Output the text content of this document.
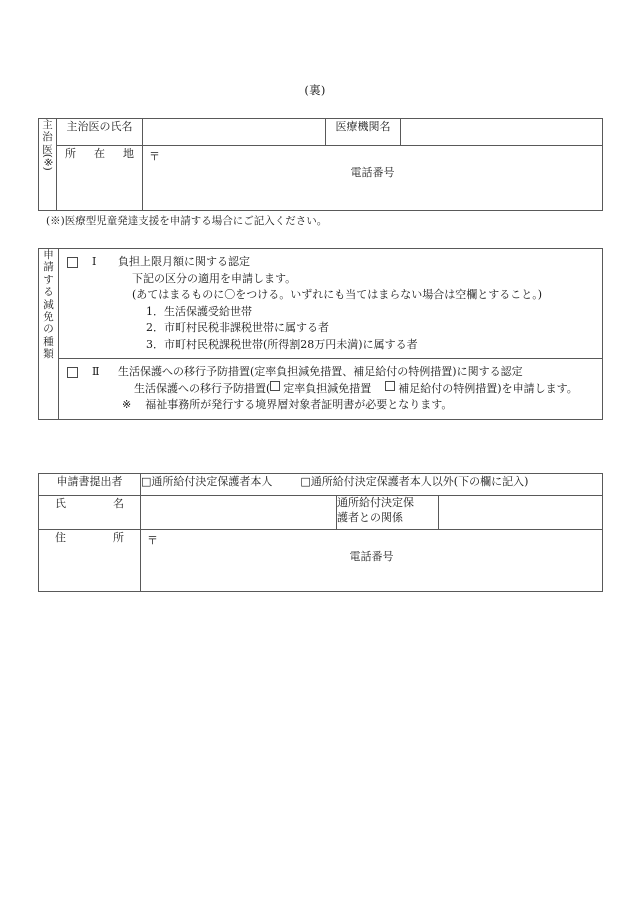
(裏)
主
治
医
(※)	主治医の氏名		医療機関名	

	所　在　地	〒
電話番号		
(※)医療型児童発達支援を申請する場合にご記入ください。
申
請
す
る
減
免
の
種
類

Ⅰ	負担上限月額に関する認定
下記の区分の適用を申請します。
(あてはまるものに〇をつける。いずれにも当てはまらない場合は空欄とすること。)
1．生活保護受給世帯
2．市町村民税非課税世帯に属する者
3．市町村民税課税世帯(所得割28万円未満)に属する者

Ⅱ	生活保護への移行予防措置(定率負担減免措置、補足給付の特例措置)に関する認定
生活保護への移行予防措置( 定率負担減免措置 補足給付の特例措置)を申請します。
※ 福祉事務所が発行する境界層対象者証明書が必要となります。
申請書提出者	□通所給付決定保護者本人 □通所給付決定保護者本人以外(下の欄に記入)		

氏　　　名		通所給付決定保
護者との関係	

住　　　所	〒
電話番号		
